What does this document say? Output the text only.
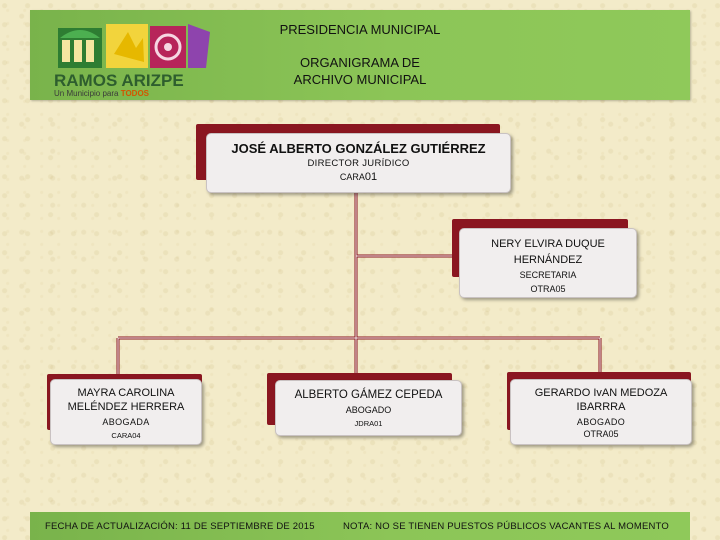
RAMOS ARIZPE
Un Municipio para TODOS
PRESIDENCIA MUNICIPAL
ORGANIGRAMA DE
ARCHIVO MUNICIPAL
JOSÉ ALBERTO GONZÁLEZ GUTIÉRREZ
DIRECTOR JURÍDICO
CARA01
NERY ELVIRA DUQUE
HERNÁNDEZ
SECRETARIA
OTRA05
MAYRA CAROLINA
MELÉNDEZ HERRERA
ABOGADA
CARA04
ALBERTO GÁMEZ CEPEDA
ABOGADO
JDRA01
GERARDO IvAN MEDOZA
IBARRRA
ABOGADO
OTRA05
FECHA DE ACTUALIZACIÓN: 11 DE SEPTIEMBRE DE 2015	NOTA: NO SE TIENEN PUESTOS PÚBLICOS VACANTES AL MOMENTO
